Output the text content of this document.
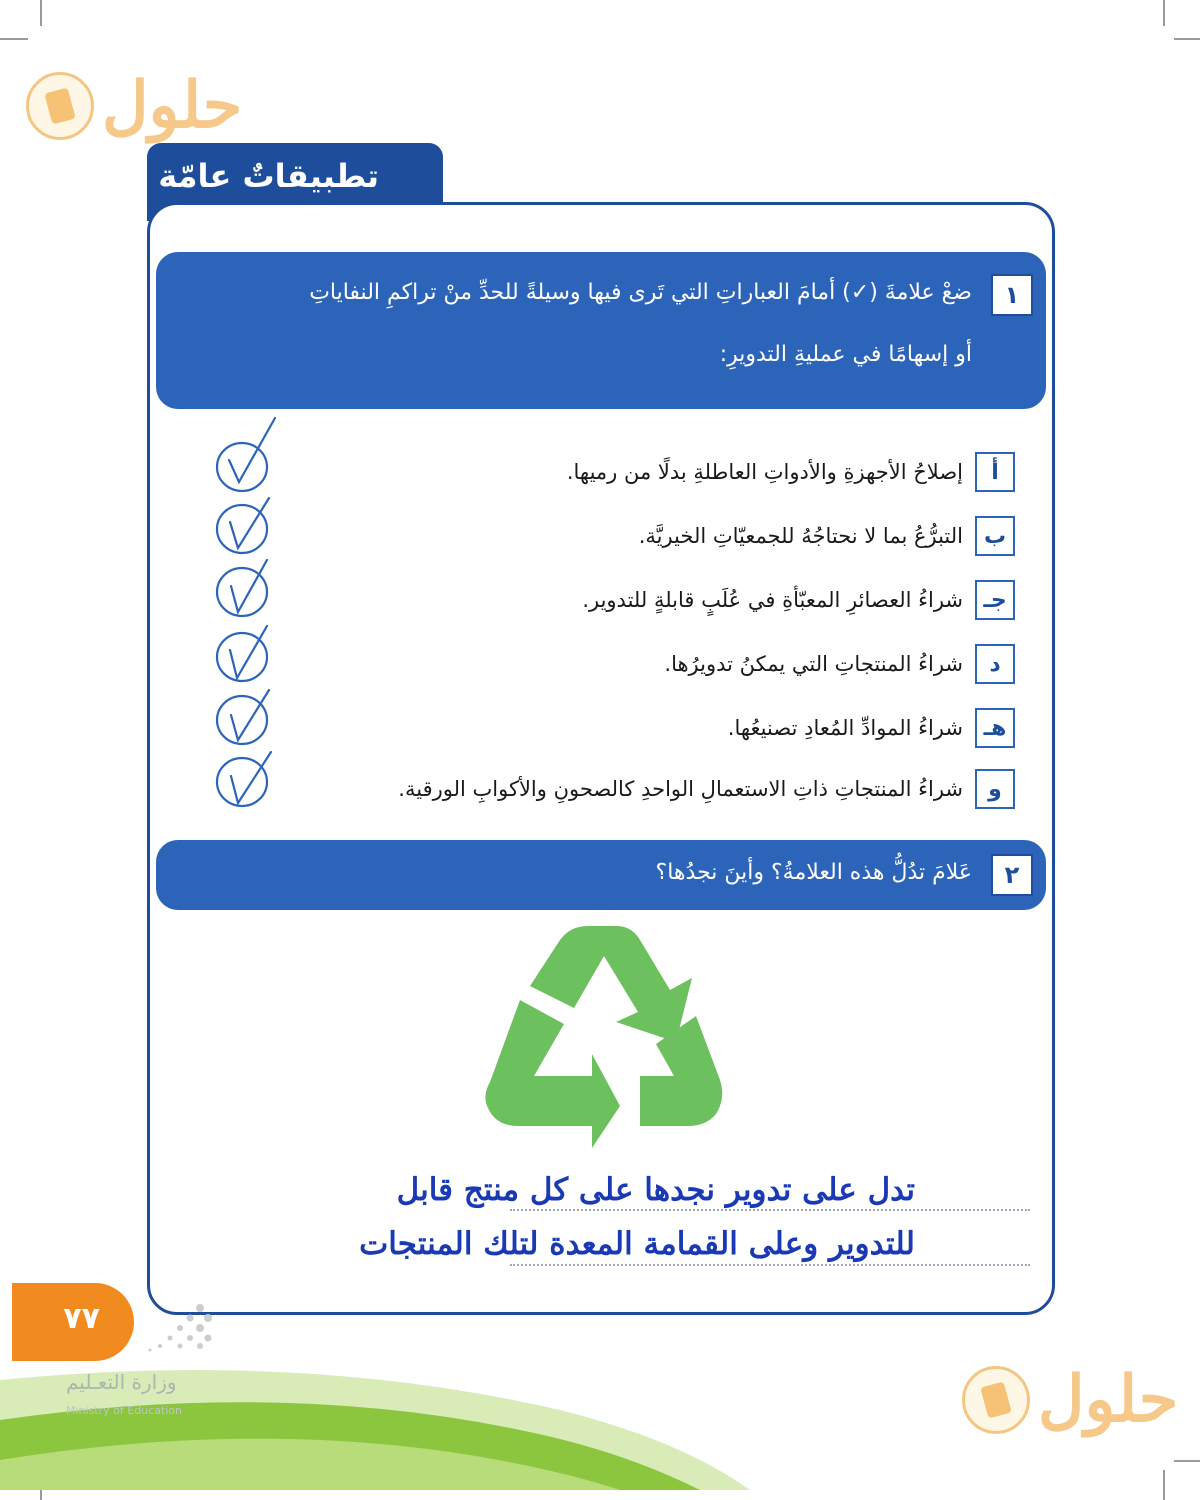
حلول
حلول
تطبيقاتٌ عامّة
١
ضعْ علامةَ (✓) أمامَ العباراتِ التي تَرى فيها وسيلةً للحدِّ منْ تراكمِ النفاياتِ
أو إسهامًا في عمليةِ التدويرِ:
أ
إصلاحُ الأجهزةِ والأدواتِ العاطلةِ بدلًا من رميها.
ب
التبرُّعُ بما لا نحتاجُهُ للجمعيّاتِ الخيريَّة.
جـ
شراءُ العصائرِ المعبّأةِ في عُلَبٍ قابلةٍ للتدوير.
د
شراءُ المنتجاتِ التي يمكنُ تدويرُها.
هـ
شراءُ الموادِّ المُعادِ تصنيعُها.
و
شراءُ المنتجاتِ ذاتِ الاستعمالِ الواحدِ كالصحونِ والأكوابِ الورقية.
٢
عَلامَ تدُلُّ هذه العلامةُ؟ وأينَ نجدُها؟
تدل على تدوير نجدها على كل منتج قابل
للتدوير وعلى القمامة المعدة لتلك المنتجات
٧٧
وزارة التعـليم
Ministry of Education
